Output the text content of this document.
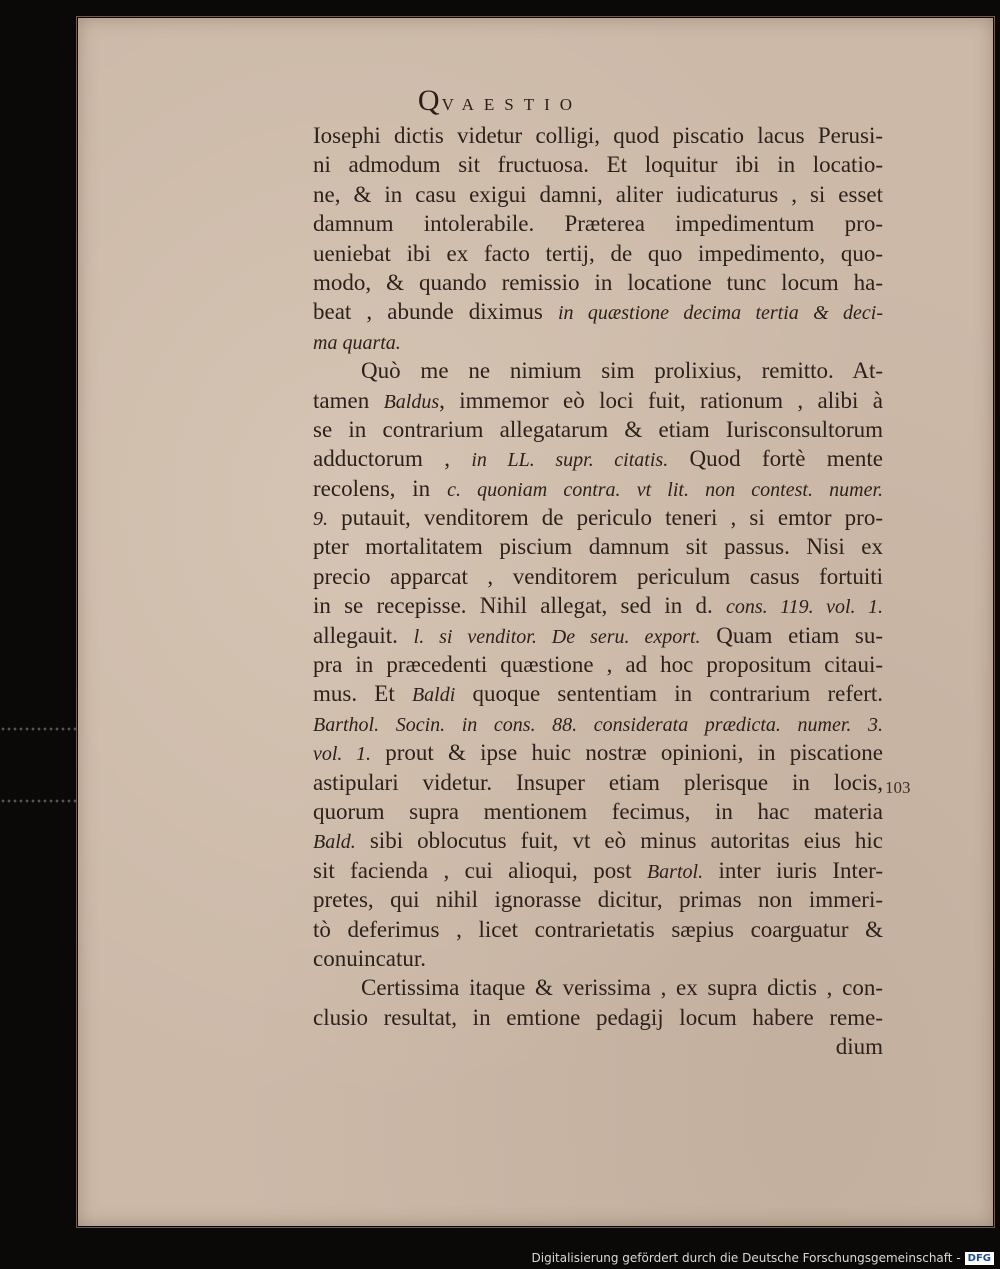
QVAESTIO
Iosephi dictis videtur colligi, quod piscatio lacus Perusi-
ni admodum sit fructuosa. Et loquitur ibi in locatio-
ne, & in casu exigui damni, aliter iudicaturus , si esset
damnum intolerabile. Præterea impedimentum pro-
ueniebat ibi ex facto tertij, de quo impedimento, quo-
modo, & quando remissio in locatione tunc locum ha-
beat , abunde diximus in quæstione decima tertia & deci-
ma quarta.
Quò me ne nimium sim prolixius, remitto. At-
tamen Baldus, immemor eò loci fuit, rationum , alibi à
se in contrarium allegatarum & etiam Iurisconsultorum
adductorum , in LL. supr. citatis. Quod fortè mente
recolens, in c. quoniam contra. vt lit. non contest. numer.
9. putauit, venditorem de periculo teneri , si emtor pro-
pter mortalitatem piscium damnum sit passus. Nisi ex
precio apparcat , venditorem periculum casus fortuiti
in se recepisse. Nihil allegat, sed in d. cons. 119. vol. 1.
allegauit. l. si venditor. De seru. export. Quam etiam su-
pra in præcedenti quæstione , ad hoc propositum citaui-
mus. Et Baldi quoque sententiam in contrarium refert.
Barthol. Socin. in cons. 88. considerata prædicta. numer. 3.
vol. 1. prout & ipse huic nostræ opinioni, in piscatione
astipulari videtur. Insuper etiam plerisque in locis,
quorum supra mentionem fecimus, in hac materia
Bald. sibi oblocutus fuit, vt eò minus autoritas eius hic
sit facienda , cui alioqui, post Bartol. inter iuris Inter-
pretes, qui nihil ignorasse dicitur, primas non immeri-
tò deferimus , licet contrarietatis sæpius coarguatur &
conuincatur.
Certissima itaque & verissima , ex supra dictis , con-
clusio resultat, in emtione pedagij locum habere reme-
dium
103
Digitalisierung gefördert durch die Deutsche Forschungsgemeinschaft - DFG
